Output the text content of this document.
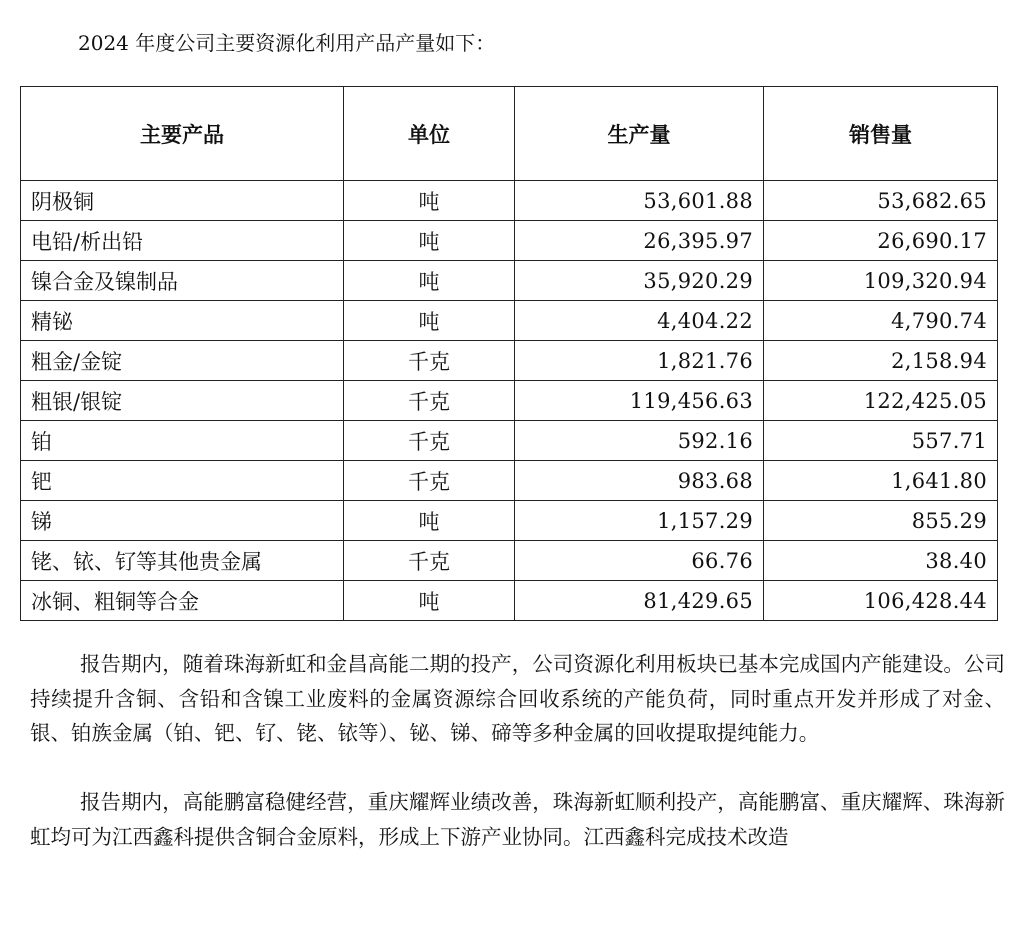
2024 年度公司主要资源化利用产品产量如下：
主要产品	单位	生产量	销售量
阴极铜	吨	53,601.88	53,682.65
电铅/析出铅	吨	26,395.97	26,690.17
镍合金及镍制品	吨	35,920.29	109,320.94
精铋	吨	4,404.22	4,790.74
粗金/金锭	千克	1,821.76	2,158.94
粗银/银锭	千克	119,456.63	122,425.05
铂	千克	592.16	557.71
钯	千克	983.68	1,641.80
锑	吨	1,157.29	855.29
铑、铱、钌等其他贵金属	千克	66.76	38.40
冰铜、粗铜等合金	吨	81,429.65	106,428.44

报告期内，随着珠海新虹和金昌高能二期的投产，公司资源化利用板块已基本完成国内产能建设。公司持续提升含铜、含铅和含镍工业废料的金属资源综合回收系统的产能负荷，同时重点开发并形成了对金、银、铂族金属（铂、钯、钌、铑、铱等）、铋、锑、碲等多种金属的回收提取提纯能力。

报告期内，高能鹏富稳健经营，重庆耀辉业绩改善，珠海新虹顺利投产，高能鹏富、重庆耀辉、珠海新虹均可为江西鑫科提供含铜合金原料，形成上下游产业协同。江西鑫科完成技术改造
